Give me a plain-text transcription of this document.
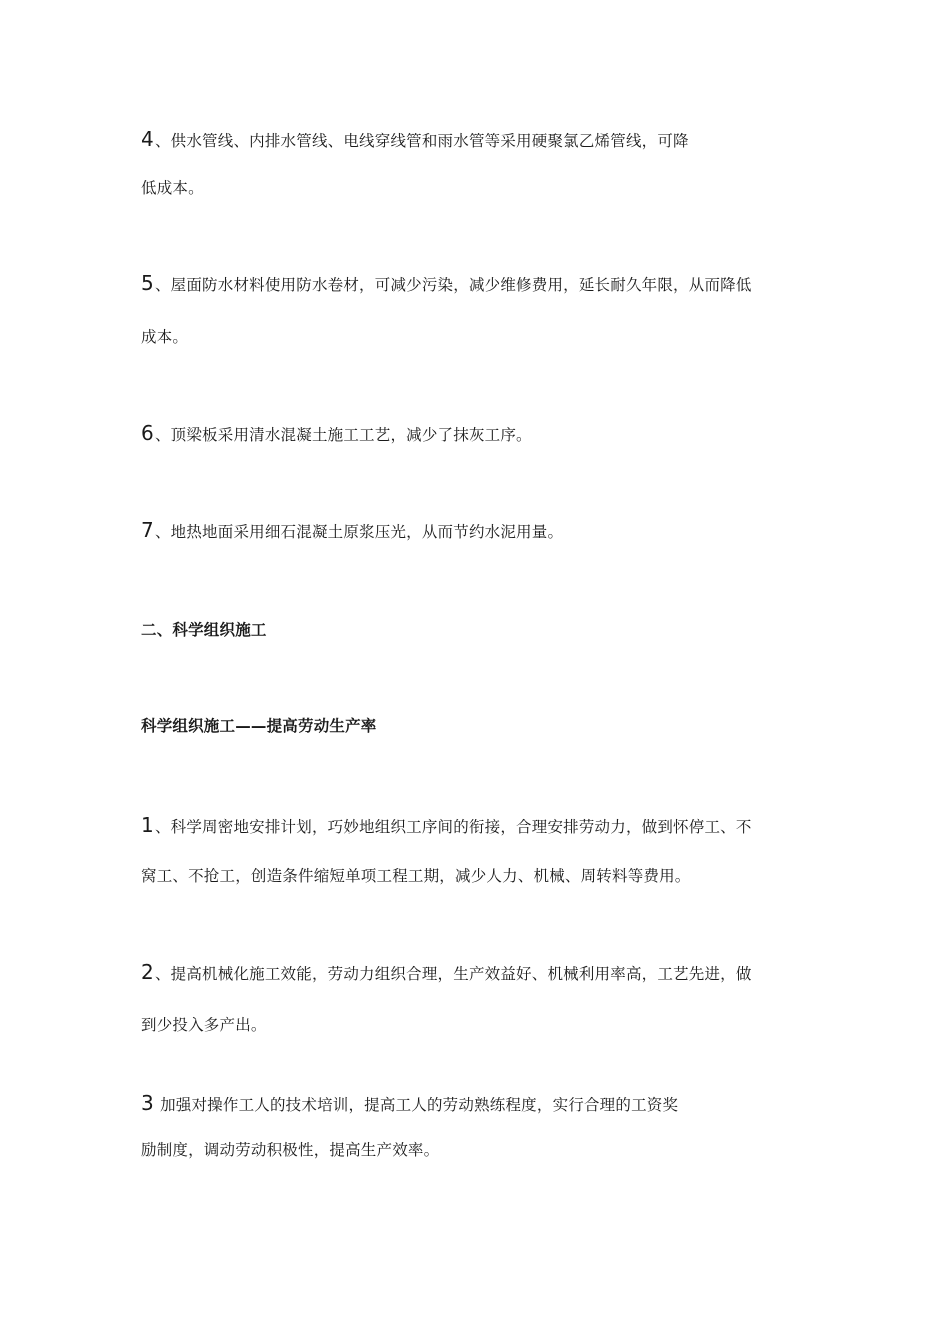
4、供水管线、内排水管线、电线穿线管和雨水管等采用硬聚氯乙烯管线，可降
低成本。
5、屋面防水材料使用防水卷材，可减少污染，减少维修费用，延长耐久年限，从而降低
成本。
6、顶梁板采用清水混凝土施工工艺，减少了抹灰工序。
7、地热地面采用细石混凝土原浆压光，从而节约水泥用量。
二、科学组织施工
科学组织施工——提高劳动生产率
1、科学周密地安排计划，巧妙地组织工序间的衔接，合理安排劳动力，做到怀停工、不
窝工、不抢工，创造条件缩短单项工程工期，减少人力、机械、周转料等费用。
2、提高机械化施工效能，劳动力组织合理，生产效益好、机械利用率高，工艺先进，做
到少投入多产出。
3 加强对操作工人的技术培训，提高工人的劳动熟练程度，实行合理的工资奖
励制度，调动劳动积极性，提高生产效率。
